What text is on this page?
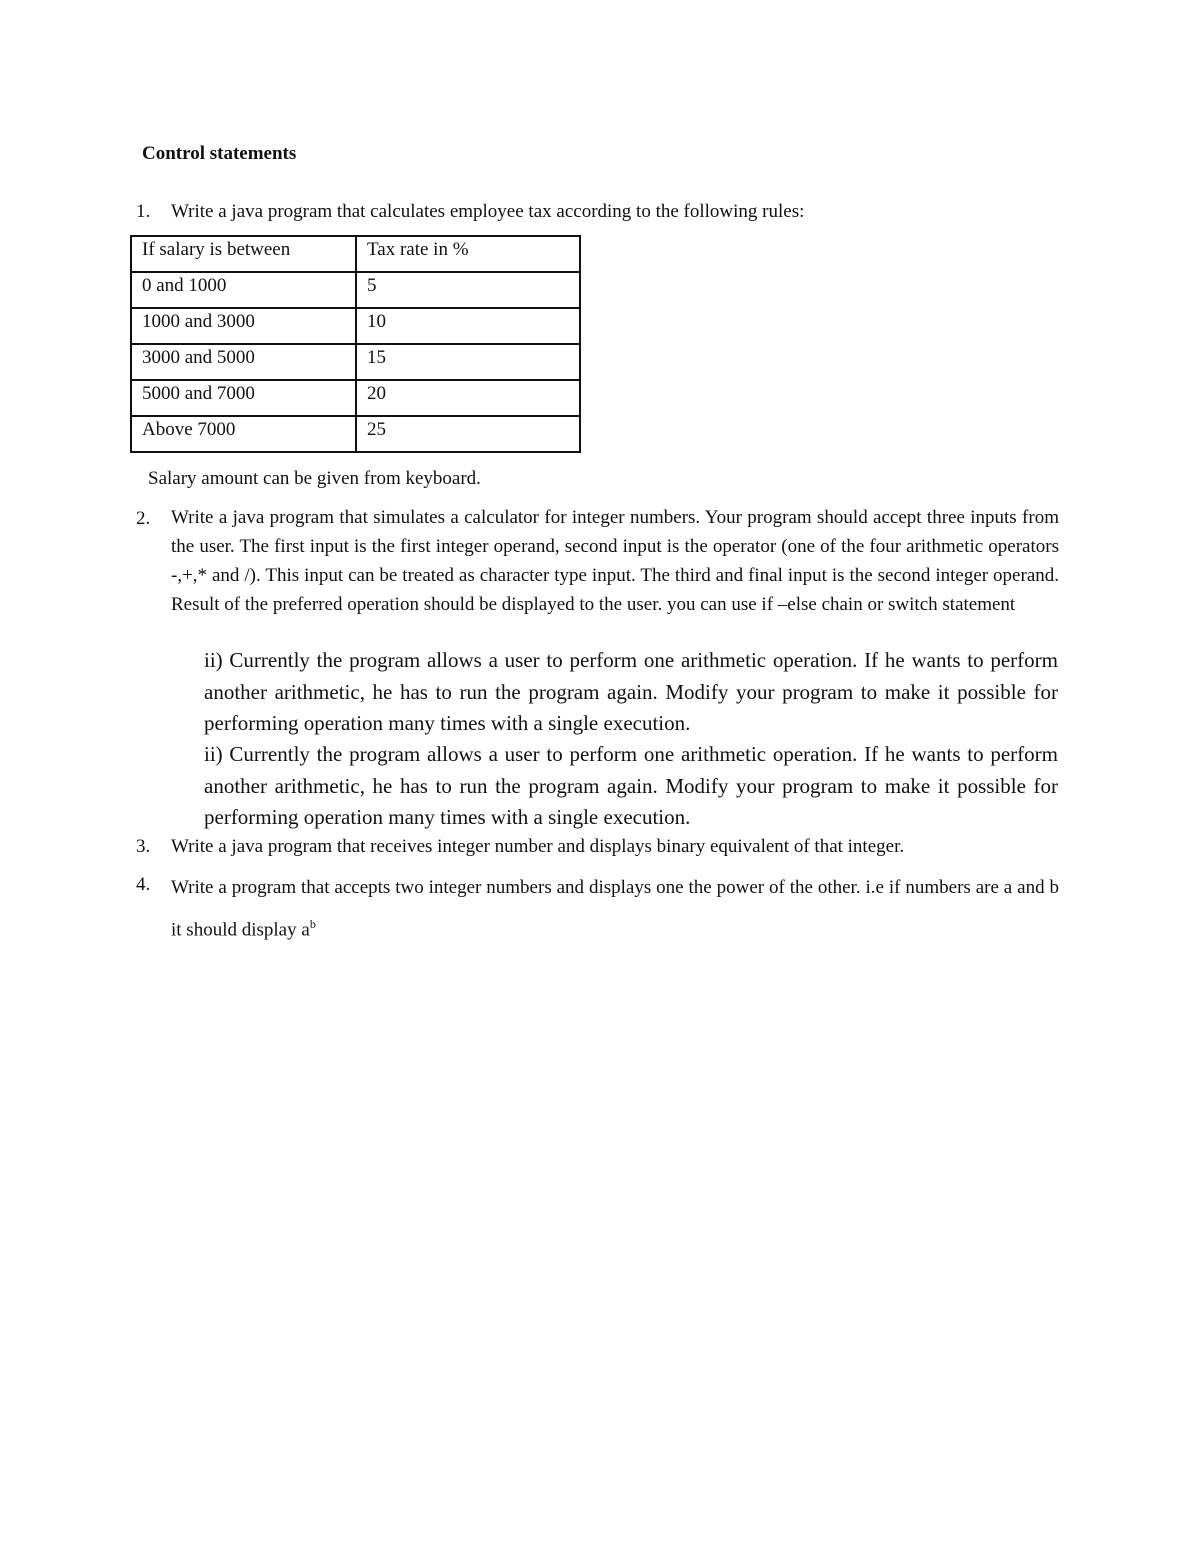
Control statements
1. Write a java program that calculates employee tax according to the following rules:
If salary is between	Tax rate in %
0 and 1000	5
1000 and 3000	10
3000 and 5000	15
5000 and 7000	20
Above 7000	25
Salary amount can be given from keyboard.
2. Write a java program that simulates a calculator for integer numbers. Your program should accept three inputs from the user. The first input is the first integer operand, second input is the operator (one of the four arithmetic operators -,+,* and /). This input can be treated as character type input. The third and final input is the second integer operand. Result of the preferred operation should be displayed to the user. you can use if –else chain or switch statement
ii) Currently the program allows a user to perform one arithmetic operation. If he wants to perform another arithmetic, he has to run the program again. Modify your program to make it possible for performing operation many times with a single execution.
ii) Currently the program allows a user to perform one arithmetic operation. If he wants to perform another arithmetic, he has to run the program again. Modify your program to make it possible for performing operation many times with a single execution.
3. Write a java program that receives integer number and displays binary equivalent of that integer.
4. Write a program that accepts two integer numbers and displays one the power of the other. i.e if numbers are a and b it should display $a^b$
